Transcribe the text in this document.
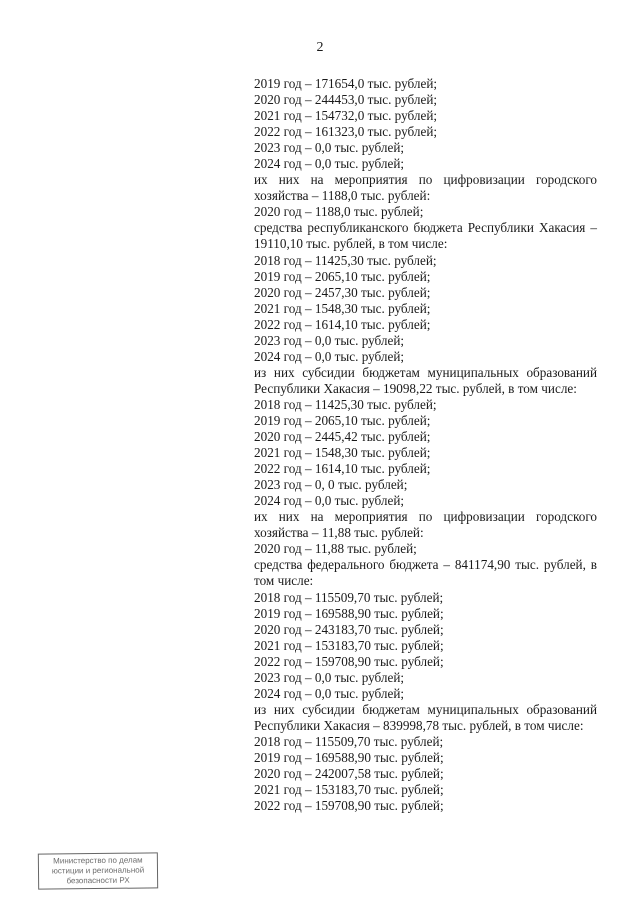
2
2019 год – 171654,0 тыс. рублей;
2020 год – 244453,0 тыс. рублей;
2021 год – 154732,0 тыс. рублей;
2022 год – 161323,0 тыс. рублей;
2023 год – 0,0 тыс. рублей;
2024 год – 0,0 тыс. рублей;
их них на мероприятия по цифровизации городского хозяйства – 1188,0 тыс. рублей:
2020 год – 1188,0 тыс. рублей;
средства республиканского бюджета Республики Хакасия – 19110,10 тыс. рублей, в том числе:
2018 год – 11425,30 тыс. рублей;
2019 год – 2065,10 тыс. рублей;
2020 год – 2457,30 тыс. рублей;
2021 год – 1548,30 тыс. рублей;
2022 год – 1614,10 тыс. рублей;
2023 год – 0,0 тыс. рублей;
2024 год – 0,0 тыс. рублей;
из них субсидии бюджетам муниципальных образований Республики Хакасия – 19098,22 тыс. рублей, в том числе:
2018 год – 11425,30 тыс. рублей;
2019 год – 2065,10 тыс. рублей;
2020 год – 2445,42 тыс. рублей;
2021 год – 1548,30 тыс. рублей;
2022 год – 1614,10 тыс. рублей;
2023 год – 0, 0 тыс. рублей;
2024 год – 0,0 тыс. рублей;
их них на мероприятия по цифровизации городского хозяйства – 11,88 тыс. рублей:
2020 год – 11,88 тыс. рублей;
средства федерального бюджета – 841174,90 тыс. рублей, в том числе:
2018 год – 115509,70 тыс. рублей;
2019 год – 169588,90 тыс. рублей;
2020 год – 243183,70 тыс. рублей;
2021 год – 153183,70 тыс. рублей;
2022 год – 159708,90 тыс. рублей;
2023 год – 0,0 тыс. рублей;
2024 год – 0,0 тыс. рублей;
из них субсидии бюджетам муниципальных образований Республики Хакасия – 839998,78 тыс. рублей, в том числе:
2018 год – 115509,70 тыс. рублей;
2019 год – 169588,90 тыс. рублей;
2020 год – 242007,58 тыс. рублей;
2021 год – 153183,70 тыс. рублей;
2022 год – 159708,90 тыс. рублей;
Министерство по делам юстиции и региональной безопасности РХ
